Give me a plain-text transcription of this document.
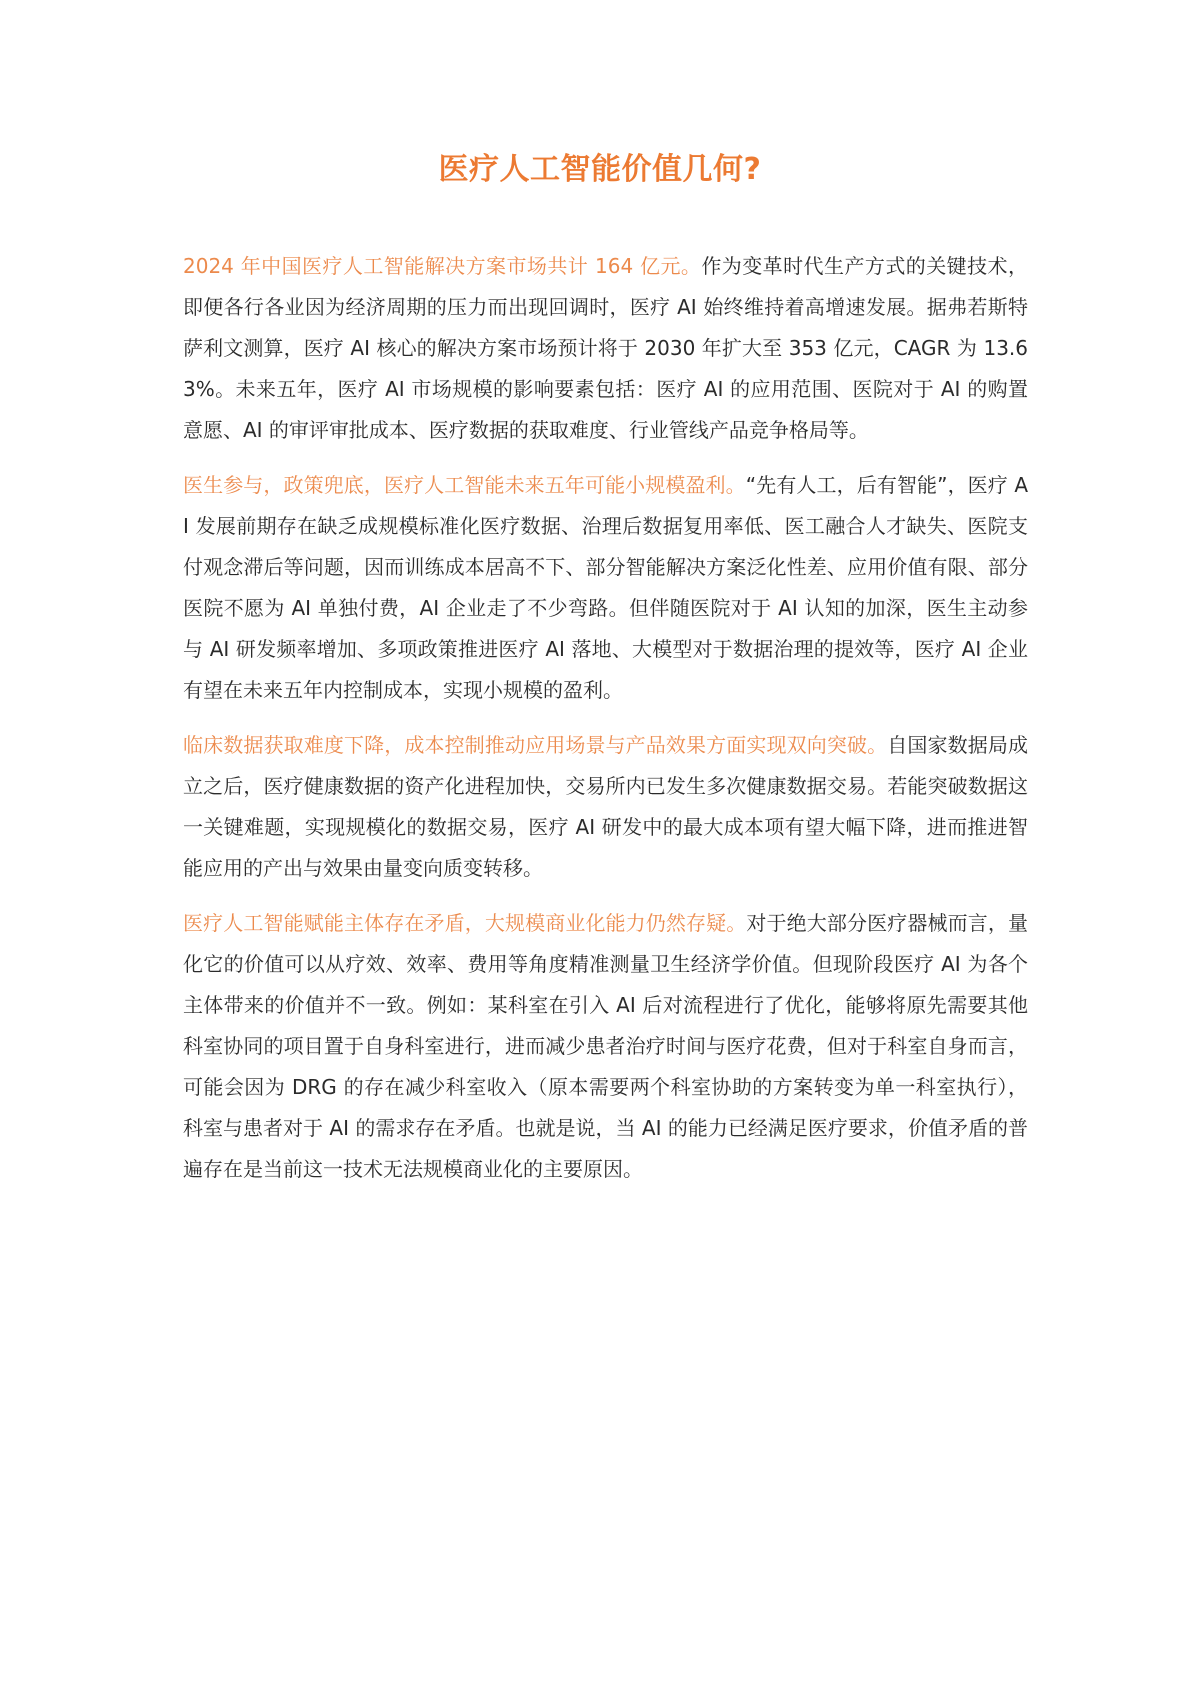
医疗人工智能价值几何?

2024 年中国医疗人工智能解决方案市场共计 164 亿元。作为变革时代生产方式的关键技术，即便各行各业因为经济周期的压力而出现回调时，医疗 AI 始终维持着高增速发展。据弗若斯特萨利文测算，医疗 AI 核心的解决方案市场预计将于 2030 年扩大至 353 亿元，CAGR 为 13.63%。未来五年，医疗 AI 市场规模的影响要素包括：医疗 AI 的应用范围、医院对于 AI 的购置意愿、AI 的审评审批成本、医疗数据的获取难度、行业管线产品竞争格局等。

医生参与，政策兜底，医疗人工智能未来五年可能小规模盈利。“先有人工，后有智能”，医疗 AI 发展前期存在缺乏成规模标准化医疗数据、治理后数据复用率低、医工融合人才缺失、医院支付观念滞后等问题，因而训练成本居高不下、部分智能解决方案泛化性差、应用价值有限、部分医院不愿为 AI 单独付费，AI 企业走了不少弯路。但伴随医院对于 AI 认知的加深，医生主动参与 AI 研发频率增加、多项政策推进医疗 AI 落地、大模型对于数据治理的提效等，医疗 AI 企业有望在未来五年内控制成本，实现小规模的盈利。

临床数据获取难度下降，成本控制推动应用场景与产品效果方面实现双向突破。自国家数据局成立之后，医疗健康数据的资产化进程加快，交易所内已发生多次健康数据交易。若能突破数据这一关键难题，实现规模化的数据交易，医疗 AI 研发中的最大成本项有望大幅下降，进而推进智能应用的产出与效果由量变向质变转移。

医疗人工智能赋能主体存在矛盾，大规模商业化能力仍然存疑。对于绝大部分医疗器械而言，量化它的价值可以从疗效、效率、费用等角度精准测量卫生经济学价值。但现阶段医疗 AI 为各个主体带来的价值并不一致。例如：某科室在引入 AI 后对流程进行了优化，能够将原先需要其他科室协同的项目置于自身科室进行，进而减少患者治疗时间与医疗花费，但对于科室自身而言，可能会因为 DRG 的存在减少科室收入（原本需要两个科室协助的方案转变为单一科室执行），科室与患者对于 AI 的需求存在矛盾。也就是说，当 AI 的能力已经满足医疗要求，价值矛盾的普遍存在是当前这一技术无法规模商业化的主要原因。
